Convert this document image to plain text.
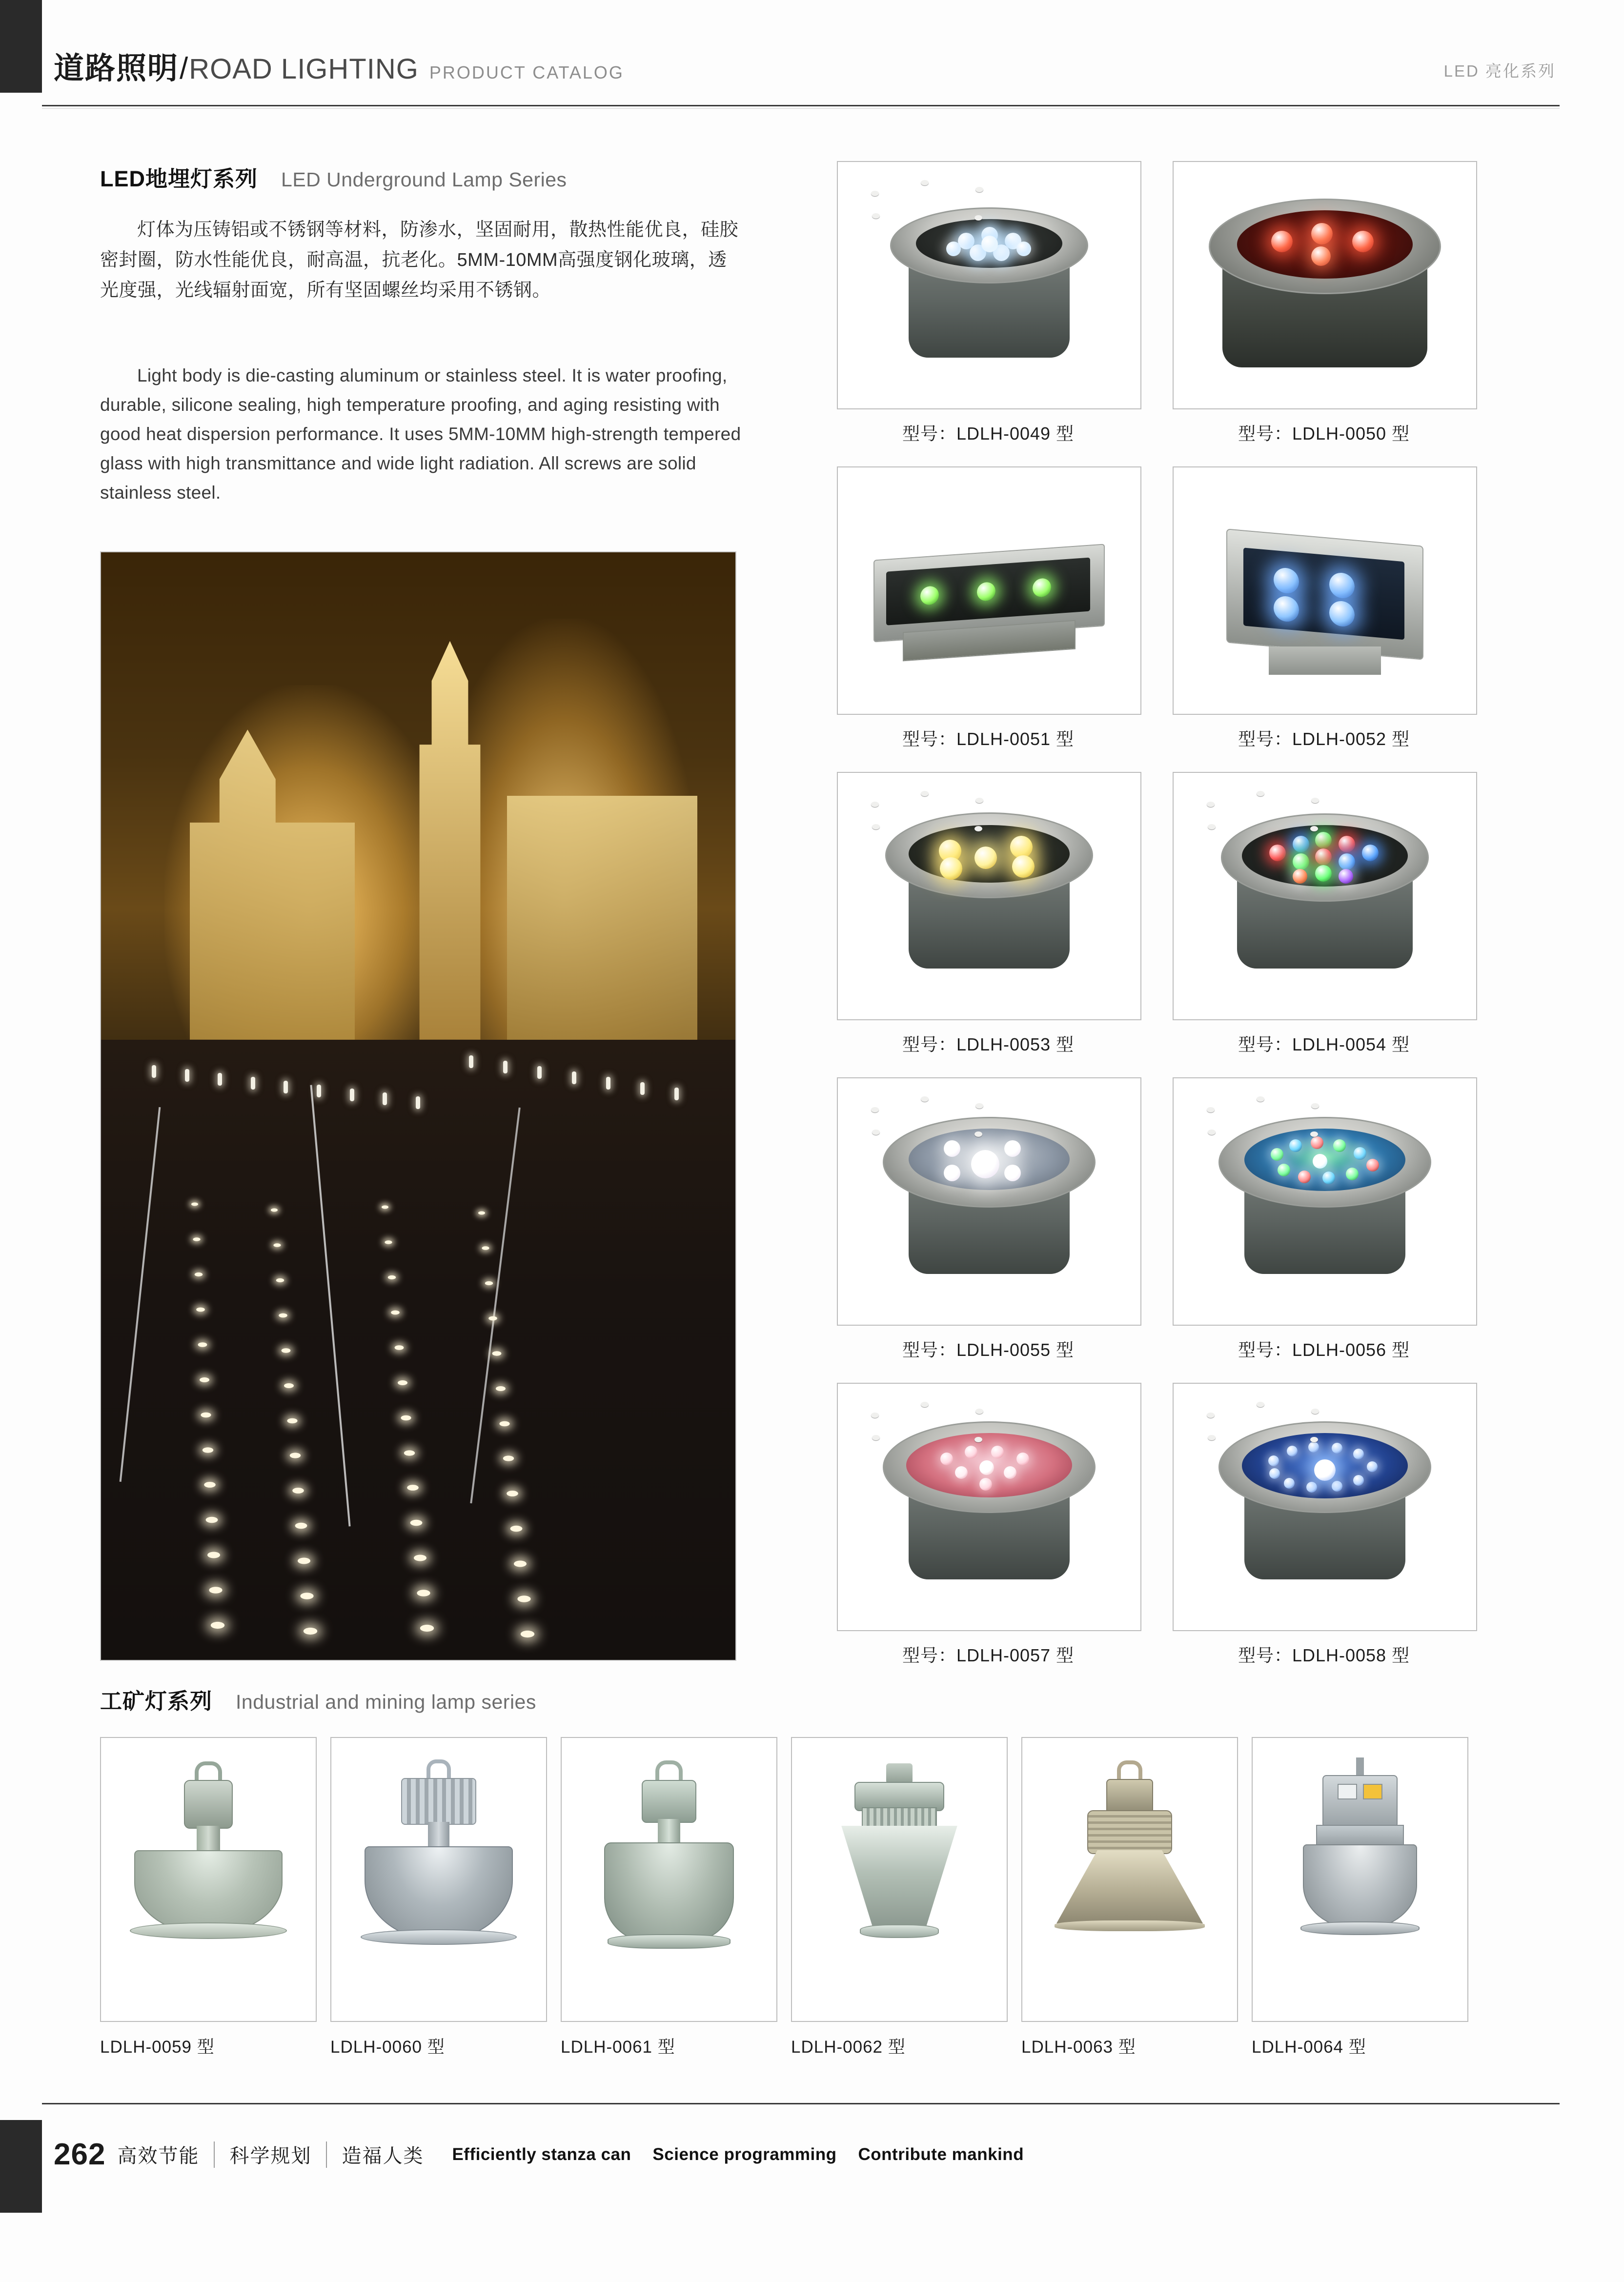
道路照明 / ROAD LIGHTING PRODUCT CATALOG	LED 亮化系列
LED地埋灯系列 LED Underground Lamp Series
灯体为压铸铝或不锈钢等材料，防渗水，坚固耐用，散热性能优良，硅胶密封圈，防水性能优良，耐高温，抗老化。5MM-10MM高强度钢化玻璃，透光度强，光线辐射面宽，所有坚固螺丝均采用不锈钢。
Light body is die-casting aluminum or stainless steel. It is water proofing, durable, silicone sealing, high temperature proofing, and aging resisting with good heat dispersion performance. It uses 5MM-10MM high-strength tempered glass with high transmittance and wide light radiation. All screws are solid stainless steel.
型号：LDLH-0049 型	型号：LDLH-0050 型
型号：LDLH-0051 型	型号：LDLH-0052 型
型号：LDLH-0053 型	型号：LDLH-0054 型
型号：LDLH-0055 型	型号：LDLH-0056 型
型号：LDLH-0057 型	型号：LDLH-0058 型
工矿灯系列 Industrial and mining lamp series
LDLH-0059 型	LDLH-0060 型	LDLH-0061 型	LDLH-0062 型	LDLH-0063 型	LDLH-0064 型
262 高效节能 科学规划 造福人类 Efficiently stanza can Science programming Contribute mankind
